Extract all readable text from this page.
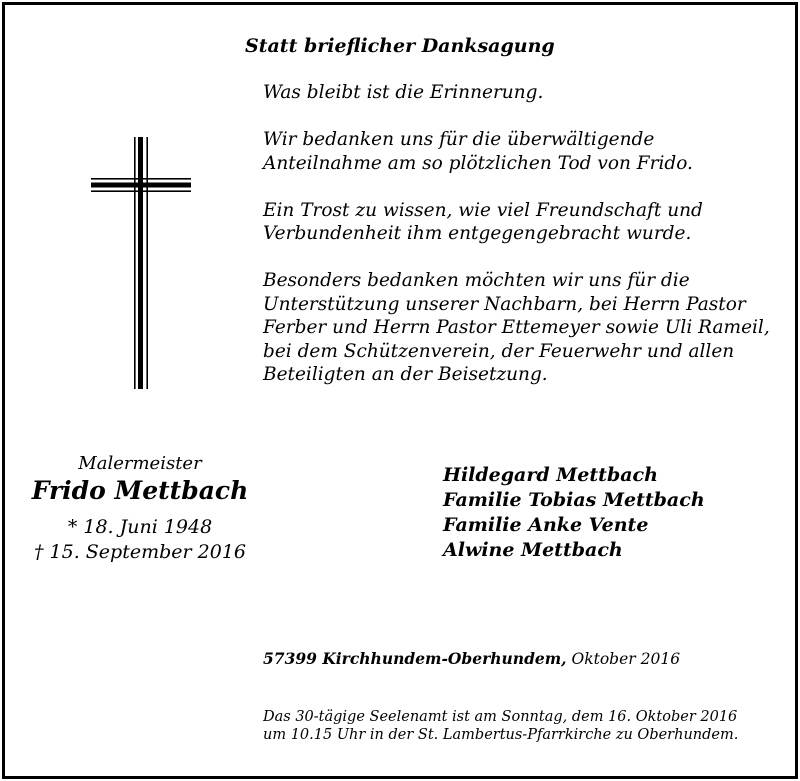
Statt brieflicher Danksagung

Was bleibt ist die Erinnerung.

Wir bedanken uns für die überwältigende
Anteilnahme am so plötzlichen Tod von Frido.

Ein Trost zu wissen, wie viel Freundschaft und
Verbundenheit ihm entgegengebracht wurde.

Besonders bedanken möchten wir uns für die
Unterstützung unserer Nachbarn, bei Herrn Pastor
Ferber und Herrn Pastor Ettemeyer sowie Uli Rameil,
bei dem Schützenverein, der Feuerwehr und allen
Beteiligten an der Beisetzung.

Malermeister
Frido Mettbach
* 18. Juni 1948
† 15. September 2016
Hildegard Mettbach
Familie Tobias Mettbach
Familie Anke Vente
Alwine Mettbach
57399 Kirchhundem-Oberhundem, Oktober 2016
Das 30-tägige Seelenamt ist am Sonntag, dem 16. Oktober 2016
um 10.15 Uhr in der St. Lambertus-Pfarrkirche zu Oberhundem.
